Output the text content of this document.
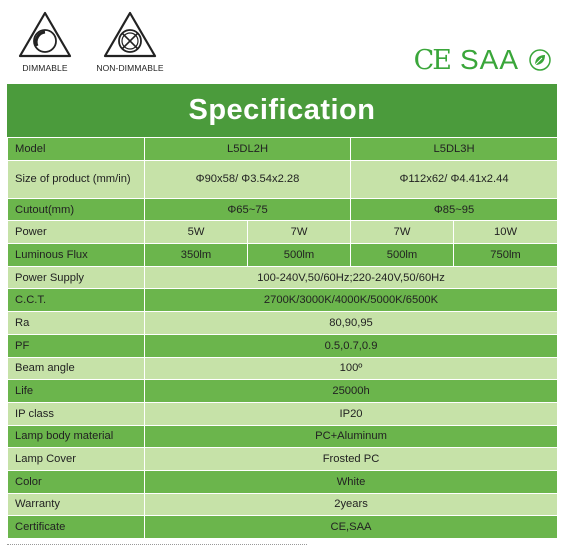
DIMMABLE	NON-DIMMABLE	CE SAA
Specification
Model	L5DL2H		L5DL3H	
Size of product (mm/in)	Φ90x58/ Φ3.54x2.28		Φ112x62/ Φ4.41x2.44	
Cutout(mm)	Φ65~75		Φ85~95	
Power	5W	7W	7W	10W
Luminous Flux	350lm	500lm	500lm	750lm
Power Supply	100-240V,50/60Hz;220-240V,50/60Hz			
C.C.T.	2700K/3000K/4000K/5000K/6500K			
Ra	80,90,95			
PF	0.5,0.7,0.9			
Beam angle	100º			
Life	25000h			
IP class	IP20			
Lamp body material	PC+Aluminum			
Lamp Cover	Frosted PC			
Color	White			
Warranty	2years			
Certificate	CE,SAA			
